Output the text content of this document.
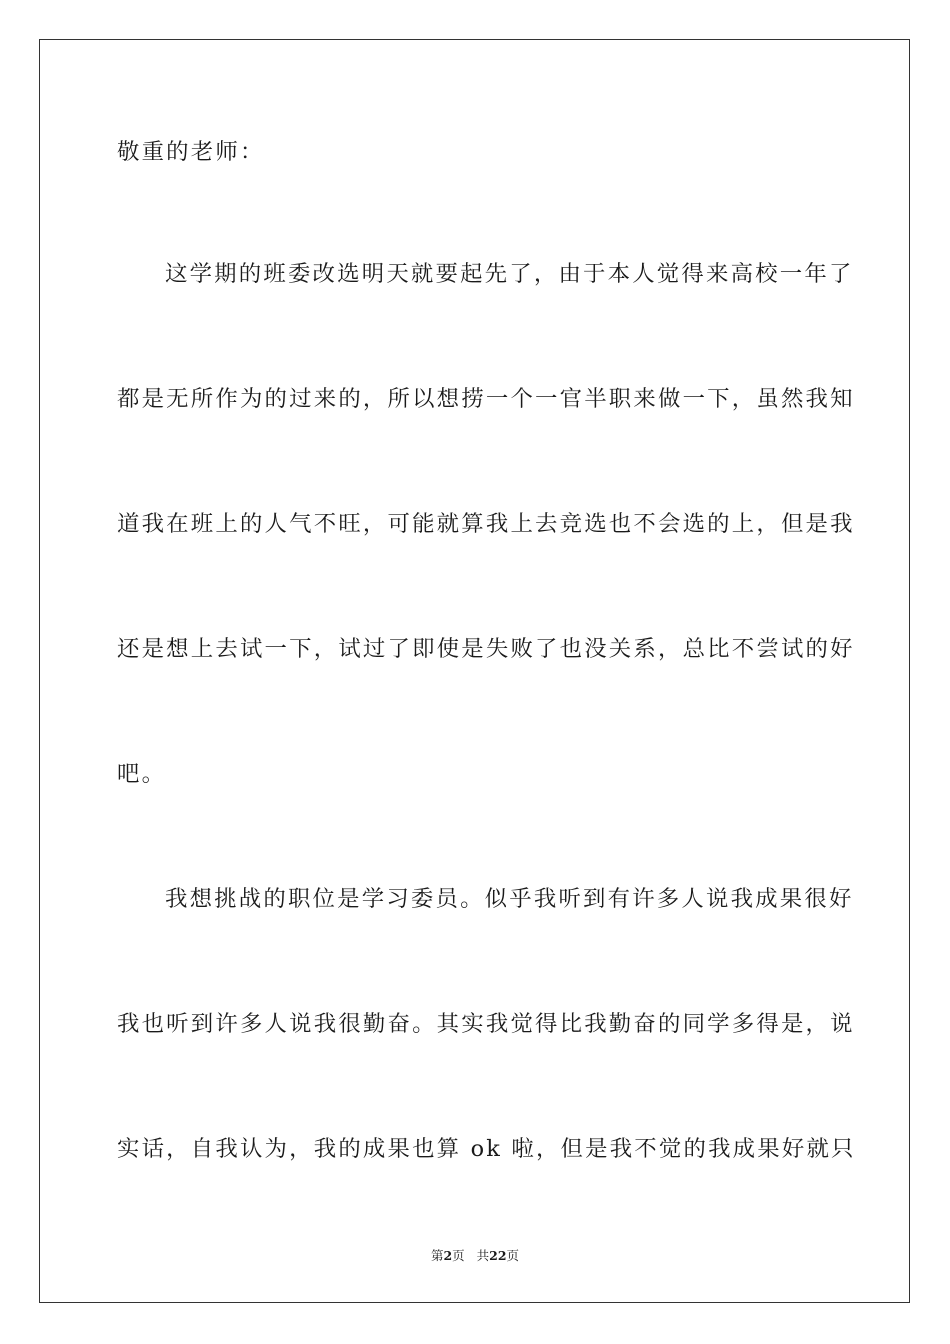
敬重的老师：
这学期的班委改选明天就要起先了，由于本人觉得来高校一年了
都是无所作为的过来的，所以想捞一个一官半职来做一下，虽然我知
道我在班上的人气不旺，可能就算我上去竞选也不会选的上，但是我
还是想上去试一下，试过了即使是失败了也没关系，总比不尝试的好
吧。
我想挑战的职位是学习委员。似乎我听到有许多人说我成果很好
我也听到许多人说我很勤奋。其实我觉得比我勤奋的同学多得是，说
实话，自我认为，我的成果也算 ok 啦，但是我不觉的我成果好就只
第2页 共22页
